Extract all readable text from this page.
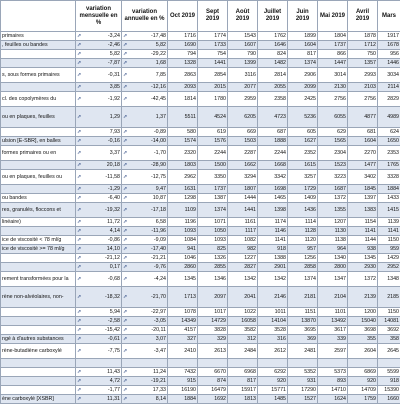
	variation mensuelle en %	variation annuelle en %	Oct 2019	Sept 2019	Août 2019	Juillet 2019	Juin 2019	Mai 2019	Avril 2019	Mars
primaires	⇗ -3,24	⇗ -17,48	1716	1774	1543	1762	1899	1804	1878	1917
, feuilles ou bandes	⇗ -2,46	⇗ 5,82	1690	1733	1607	1646	1604	1737	1712	1678
	⇗ 5,82	⇗ -29,22	794	754	790	824	817	866	750	956
	⇗ -7,87	⇗ 1,68	1328	1441	1399	1482	1374	1447	1357	1446
s, sous formes primaires	⇗ -0,31	⇗ 7,85	2863	2854	3116	2814	2906	3014	2993	3034
	⇗ 3,85	⇗ -12,16	2093	2015	2077	2055	2099	2130	2103	2114
cl. des copolymères du	⇗ -1,92	⇗ -42,45	1814	1780	2959	2358	2425	2756	2756	2829
ou en plaques, feuilles	⇗ 1,29	⇗ 1,37	5511	4524	6205	4723	5236	6055	4877	4989
	⇗ 7,93	⇗ -0,89	580	619	669	687	605	629	681	624
ulsion [E-SBR], en balles	⇗ -0,16	⇗ -14,00	1574	1576	1503	1888	1627	1565	1604	1650
formes primaires ou en	⇗ 3,37	⇗ -1,70	2320	2244	2287	2244	2352	2304	2270	2353
	⇗ 20,18	⇗ -28,90	1803	1500	1662	1668	1615	1523	1477	1765
ou en plaques, feuilles ou	⇗ -11,58	⇗ -12,75	2962	3350	3294	3342	3257	3223	3402	3328
	⇗ -1,29	⇗ 9,47	1631	1737	1807	1698	1729	1687	1845	1884
ou bandes	⇗ -6,40	⇗ 10,87	1298	1387	1444	1465	1409	1372	1397	1433
res, granulés, floccons et	⇗ -19,32	⇗ -17,18	1109	1374	1441	1398	1436	1355	1383	1415
linéaire)	⇗ 11,72	⇗ 6,58	1196	1071	1161	1174	1114	1207	1154	1139
	⇗ 4,14	⇗ -11,96	1093	1050	1117	1146	1128	1130	1141	1141
ice de viscosité < 78 ml/g	⇗ -0,86	⇗ -9,09	1084	1093	1082	1141	1120	1138	1144	1150
ice de viscosité >= 78 ml/g	⇗ 14,10	⇗ -17,40	941	825	982	918	957	964	938	959
	⇗ -21,12	⇗ -21,21	1046	1326	1227	1388	1256	1340	1345	1429
	⇗ 0,17	⇗ -9,76	2860	2855	2827	2901	2858	2800	2930	2952
rement transformées pour la	⇗ -0,68	⇗ -4,24	1345	1346	1342	1342	1374	1347	1372	1348
rène non-alvéolaires, non-	⇗ -18,32	⇗ -21,70	1713	2097	2041	2146	2181	2104	2139	2185
	⇗ 5,94	⇗ -22,97	1078	1017	1022	1011	1151	1101	1200	1150
	⇗ -2,58	⇗ -3,05	14349	14729	16058	14104	13870	13492	15040	14081
	⇗ -15,42	⇗ -20,11	4157	3828	3582	3528	3695	3617	3698	3692
ngé à d'autres substances	⇗ -0,61	⇗ 3,07	327	329	312	316	369	339	355	358
rène-butadiène carboxylé	⇗ -7,75	⇗ -3,47	2410	2613	2484	2612	2481	2597	2604	2645

	⇗ 11,43	⇗ 11,24	7432	6670	6968	6292	5352	5373	6869	5599
	⇗ 4,72	⇗ -19,21	915	874	817	920	931	893	920	918
	⇗ -1,77	⇗ 17,33	16190	16479	15917	15771	17290	14710	14709	15390
ène carboxylé [XSBR]	⇗ 11,31	⇗ 8,14	1884	1692	1813	1485	1527	1624	1759	1660
